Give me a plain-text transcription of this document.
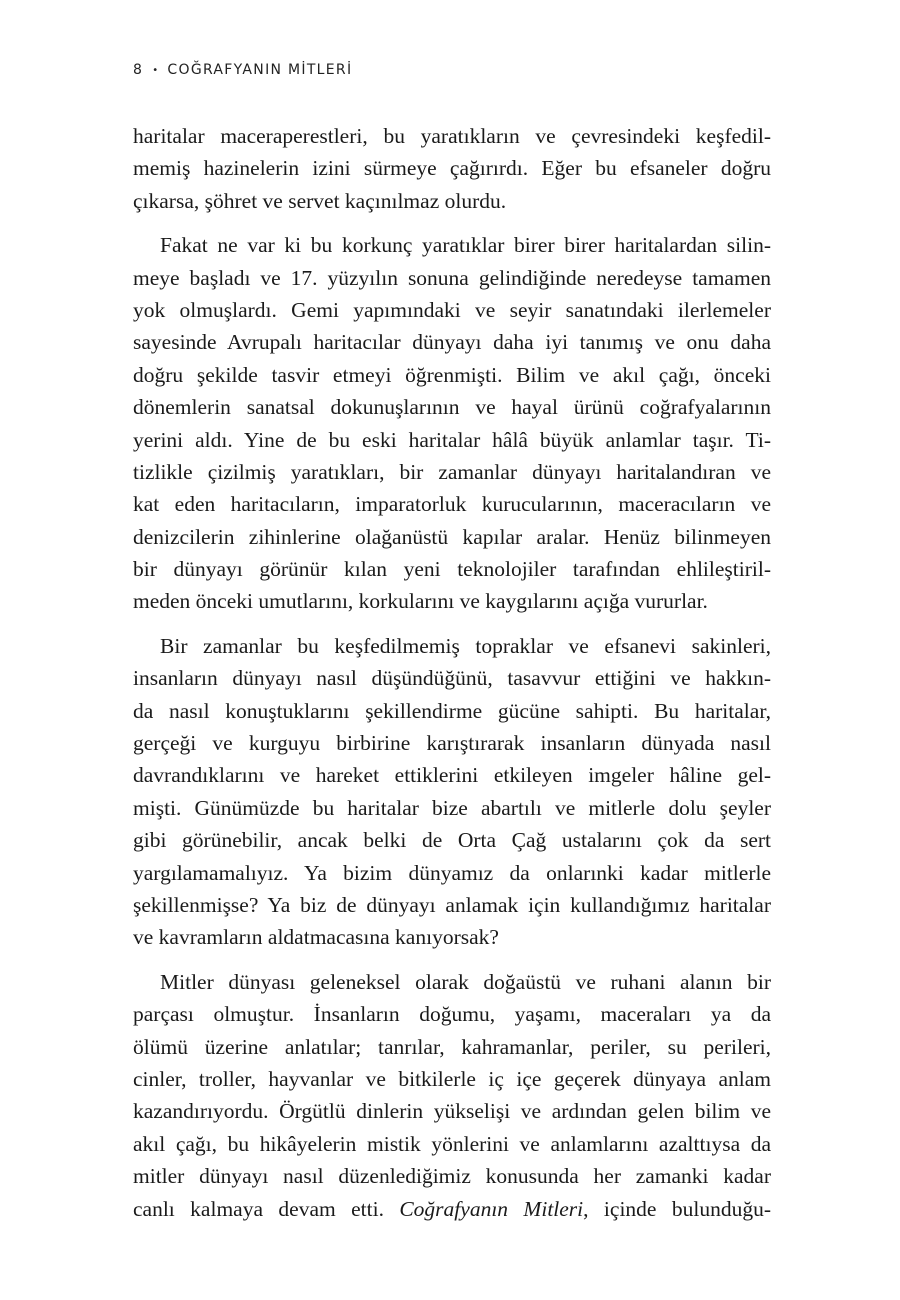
8 • COĞRAFYANIN MİTLERİ
haritalar maceraperestleri, bu yaratıkların ve çevresindeki keşfedil-
memiş hazinelerin izini sürmeye çağırırdı. Eğer bu efsaneler doğru
çıkarsa, şöhret ve servet kaçınılmaz olurdu.
Fakat ne var ki bu korkunç yaratıklar birer birer haritalardan silin-
meye başladı ve 17. yüzyılın sonuna gelindiğinde neredeyse tamamen
yok olmuşlardı. Gemi yapımındaki ve seyir sanatındaki ilerlemeler
sayesinde Avrupalı haritacılar dünyayı daha iyi tanımış ve onu daha
doğru şekilde tasvir etmeyi öğrenmişti. Bilim ve akıl çağı, önceki
dönemlerin sanatsal dokunuşlarının ve hayal ürünü coğrafyalarının
yerini aldı. Yine de bu eski haritalar hâlâ büyük anlamlar taşır. Ti-
tizlikle çizilmiş yaratıkları, bir zamanlar dünyayı haritalandıran ve
kat eden haritacıların, imparatorluk kurucularının, maceracıların ve
denizcilerin zihinlerine olağanüstü kapılar aralar. Henüz bilinmeyen
bir dünyayı görünür kılan yeni teknolojiler tarafından ehlileştiril-
meden önceki umutlarını, korkularını ve kaygılarını açığa vururlar.
Bir zamanlar bu keşfedilmemiş topraklar ve efsanevi sakinleri,
insanların dünyayı nasıl düşündüğünü, tasavvur ettiğini ve hakkın-
da nasıl konuştuklarını şekillendirme gücüne sahipti. Bu haritalar,
gerçeği ve kurguyu birbirine karıştırarak insanların dünyada nasıl
davrandıklarını ve hareket ettiklerini etkileyen imgeler hâline gel-
mişti. Günümüzde bu haritalar bize abartılı ve mitlerle dolu şeyler
gibi görünebilir, ancak belki de Orta Çağ ustalarını çok da sert
yargılamamalıyız. Ya bizim dünyamız da onlarınki kadar mitlerle
şekillenmişse? Ya biz de dünyayı anlamak için kullandığımız haritalar
ve kavramların aldatmacasına kanıyorsak?
Mitler dünyası geleneksel olarak doğaüstü ve ruhani alanın bir
parçası olmuştur. İnsanların doğumu, yaşamı, maceraları ya da
ölümü üzerine anlatılar; tanrılar, kahramanlar, periler, su perileri,
cinler, troller, hayvanlar ve bitkilerle iç içe geçerek dünyaya anlam
kazandırıyordu. Örgütlü dinlerin yükselişi ve ardından gelen bilim ve
akıl çağı, bu hikâyelerin mistik yönlerini ve anlamlarını azalttıysa da
mitler dünyayı nasıl düzenlediğimiz konusunda her zamanki kadar
canlı kalmaya devam etti. Coğrafyanın Mitleri, içinde bulunduğu-
